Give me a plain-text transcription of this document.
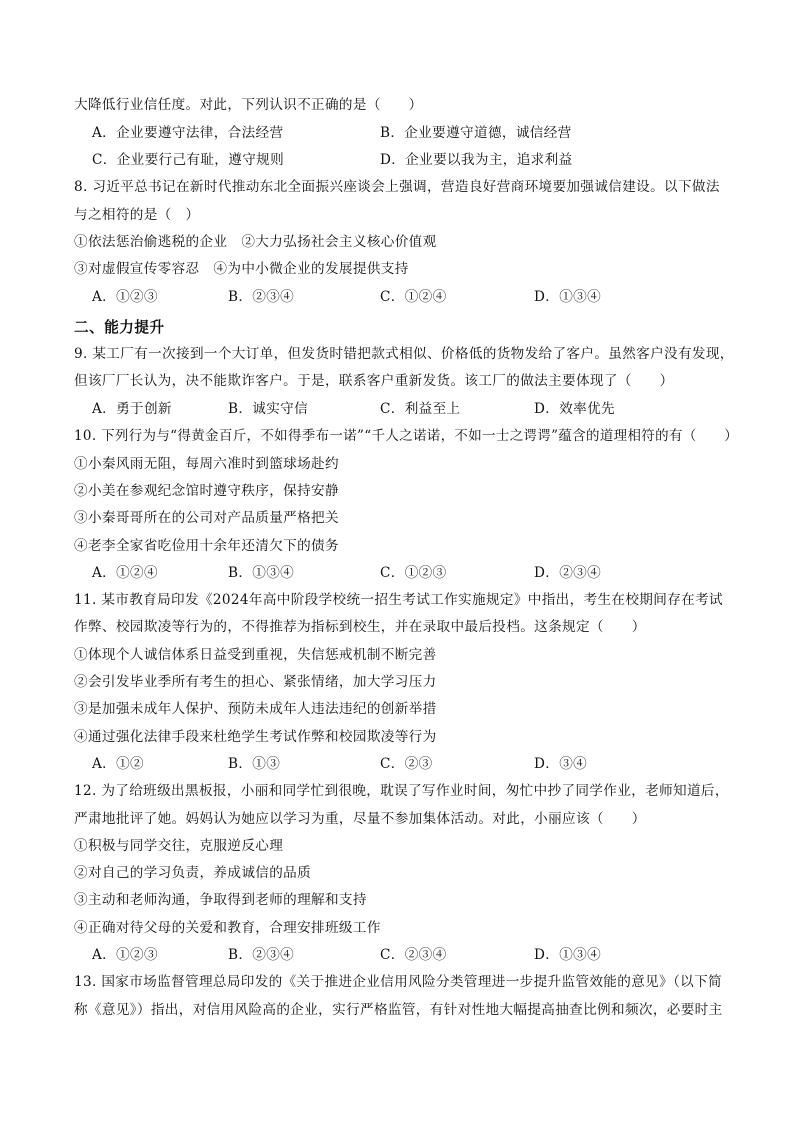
大降低行业信任度。对此，下列认识不正确的是（　　）
A．企业要遵守法律，合法经营	B．企业要遵守道德，诚信经营
C．企业要行己有耻，遵守规则	D．企业要以我为主，追求利益
8. 习近平总书记在新时代推动东北全面振兴座谈会上强调，营造良好营商环境要加强诚信建设。以下做法
与之相符的是（　）
①依法惩治偷逃税的企业　②大力弘扬社会主义核心价值观
③对虚假宣传零容忍　④为中小微企业的发展提供支持
A．①②③	B．②③④	C．①②④	D．①③④
二、能力提升
9. 某工厂有一次接到一个大订单，但发货时错把款式相似、价格低的货物发给了客户。虽然客户没有发现，
但该厂厂长认为，决不能欺诈客户。于是，联系客户重新发货。该工厂的做法主要体现了（　　）
A．勇于创新	B．诚实守信	C．利益至上	D．效率优先
10. 下列行为与“得黄金百斤，不如得季布一诺”“千人之诺诺，不如一士之谔谔”蕴含的道理相符的有（　　）
①小秦风雨无阻，每周六准时到篮球场赴约
②小美在参观纪念馆时遵守秩序，保持安静
③小秦哥哥所在的公司对产品质量严格把关
④老李全家省吃俭用十余年还清欠下的债务
A．①②④	B．①③④	C．①②③	D．②③④
11. 某市教育局印发《2024年高中阶段学校统一招生考试工作实施规定》中指出，考生在校期间存在考试
作弊、校园欺凌等行为的，不得推荐为指标到校生，并在录取中最后投档。这条规定（　　）
①体现个人诚信体系日益受到重视，失信惩戒机制不断完善
②会引发毕业季所有考生的担心、紧张情绪，加大学习压力
③是加强未成年人保护、预防未成年人违法违纪的创新举措
④通过强化法律手段来杜绝学生考试作弊和校园欺凌等行为
A．①②	B．①③	C．②③	D．③④
12. 为了给班级出黑板报，小丽和同学忙到很晚，耽误了写作业时间，匆忙中抄了同学作业，老师知道后，
严肃地批评了她。妈妈认为她应以学习为重，尽量不参加集体活动。对此，小丽应该（　　）
①积极与同学交往，克服逆反心理
②对自己的学习负责，养成诚信的品质
③主动和老师沟通，争取得到老师的理解和支持
④正确对待父母的关爱和教育，合理安排班级工作
A．①②③	B．②③④	C．②③④	D．①③④
13. 国家市场监督管理总局印发的《关于推进企业信用风险分类管理进一步提升监管效能的意见》（以下简
称《意见》）指出，对信用风险高的企业，实行严格监管，有针对性地大幅提高抽查比例和频次，必要时主
